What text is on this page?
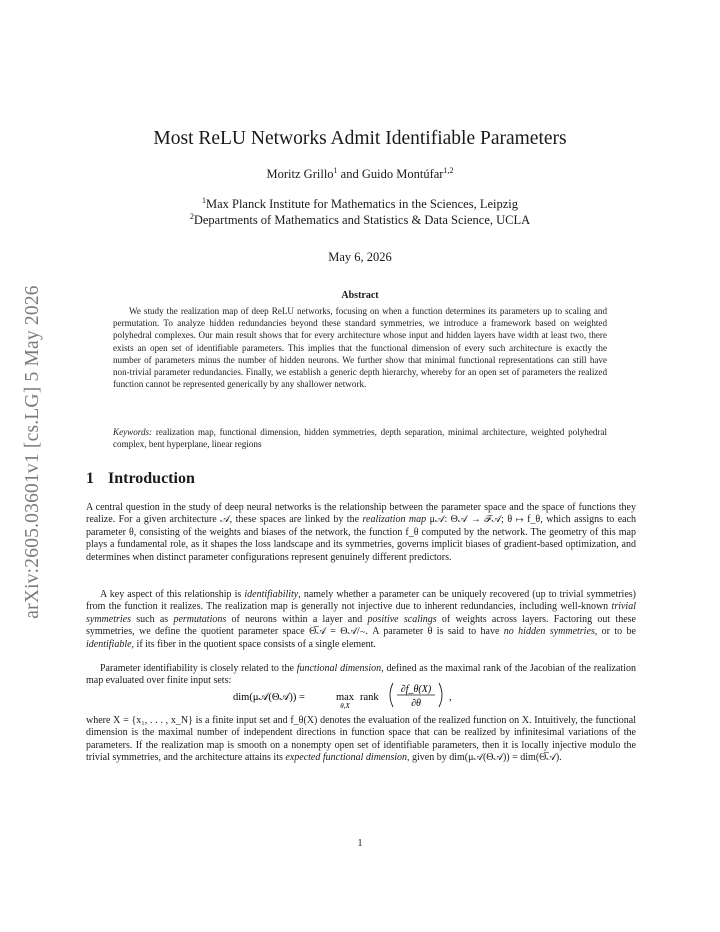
arXiv:2605.03601v1 [cs.LG] 5 May 2026
Most ReLU Networks Admit Identifiable Parameters
Moritz Grillo$^1$ and Guido Montúfar$^{1,2}$
$^1$Max Planck Institute for Mathematics in the Sciences, Leipzig
$^2$Departments of Mathematics and Statistics & Data Science, UCLA
May 6, 2026
Abstract
We study the realization map of deep ReLU networks, focusing on when a function determines its parameters up to scaling and permutation. To analyze hidden redundancies beyond these standard symmetries, we introduce a framework based on weighted polyhedral complexes. Our main result shows that for every architecture whose input and hidden layers have width at least two, there exists an open set of identifiable parameters. This implies that the functional dimension of every such architecture is exactly the number of parameters minus the number of hidden neurons. We further show that minimal functional representations can still have non-trivial parameter redundancies. Finally, we establish a generic depth hierarchy, whereby for an open set of parameters the realized function cannot be represented generically by any shallower network.
Keywords: realization map, functional dimension, hidden symmetries, depth separation, minimal architecture, weighted polyhedral complex, bent hyperplane, linear regions
1 Introduction
A central question in the study of deep neural networks is the relationship between the parameter space and the space of functions they realize. For a given architecture 𝒜, these spaces are linked by the realization map μ𝒜: Θ𝒜 → ℱ𝒜; θ ↦ f_θ, which assigns to each parameter θ, consisting of the weights and biases of the network, the function f_θ computed by the network. The geometry of this map plays a fundamental role, as it shapes the loss landscape and its symmetries, governs implicit biases of gradient-based optimization, and determines when distinct parameter configurations represent genuinely different predictors.
A key aspect of this relationship is identifiability, namely whether a parameter can be uniquely recovered (up to trivial symmetries) from the function it realizes. The realization map is generally not injective due to inherent redundancies, including well-known trivial symmetries such as permutations of neurons within a layer and positive scalings of weights across layers. Factoring out these symmetries, we define the quotient parameter space Θ̅𝒜 = Θ𝒜/∼. A parameter θ is said to have no hidden symmetries, or to be identifiable, if its fiber in the quotient space consists of a single element.
Parameter identifiability is closely related to the functional dimension, defined as the maximal rank of the Jacobian of the realization map evaluated over finite input sets:
dim(μ𝒜(Θ𝒜)) =	max
θ,X
rank
∂f_θ(X)
∂θ
,
where X = {x₁, . . . , x_N} is a finite input set and f_θ(X) denotes the evaluation of the realized function on X. Intuitively, the functional dimension is the maximal number of independent directions in function space that can be realized by infinitesimal variations of the parameters. If the realization map is smooth on a nonempty open set of identifiable parameters, then it is locally injective modulo the trivial symmetries, and the architecture attains its expected functional dimension, given by dim(μ𝒜(Θ𝒜)) = dim(Θ̅𝒜).
1
